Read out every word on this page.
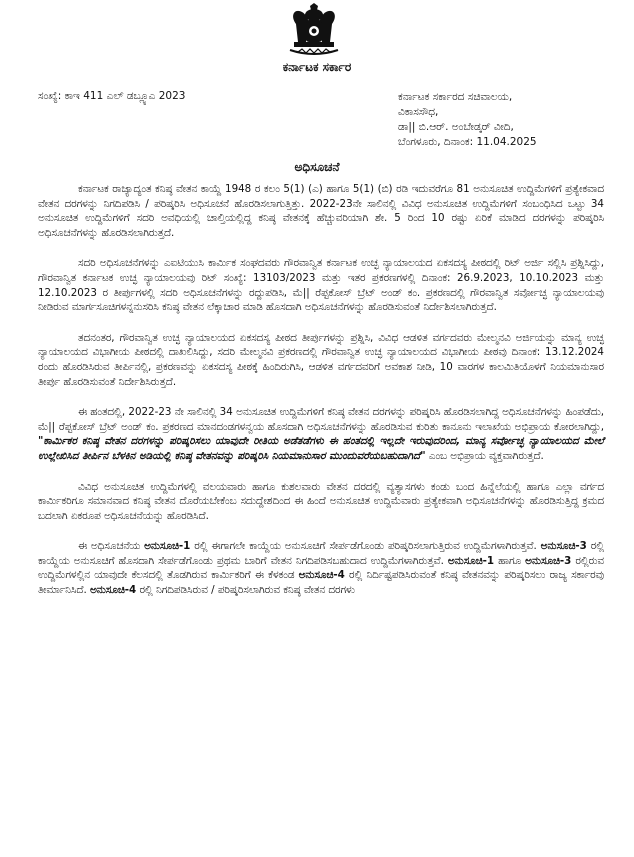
ಕರ್ನಾಟಕ ಸರ್ಕಾರ
ಸಂಖ್ಯೆ: ಕಾಇ 411 ಎಲ್ ಡಬ್ಲ್ಯೂಎ 2023	ಕರ್ನಾಟಕ ಸರ್ಕಾರದ ಸಚಿವಾಲಯ,
ವಿಕಾಸಸೌಧ,
ಡಾ|| ಬಿ.ಆರ್. ಅಂಬೇಡ್ಕರ್ ವೀದಿ,
ಬೆಂಗಳೂರು, ದಿನಾಂಕ: 11.04.2025
ಅಧಿಸೂಚನೆ

ಕರ್ನಾಟಕ ರಾಜ್ಯಾದ್ಯಂತ ಕನಿಷ್ಠ ವೇತನ ಕಾಯ್ದೆ 1948 ರ ಕಲಂ 5(1) (ಎ) ಹಾಗೂ 5(1) (ಬಿ) ರಡಿ ಇದುವರೆಗೂ 81 ಅನುಸೂಚಿತ ಉದ್ದಿಮೆಗಳಿಗೆ ಪ್ರತ್ಯೇಕವಾದ ವೇತನ ದರಗಳನ್ನು ನಿಗದಿಪಡಿಸಿ / ಪರಿಷ್ಕರಿಸಿ ಅಧಿಸೂಚನೆ ಹೊರಡಿಸಲಾಗುತ್ತಿತ್ತು. 2022-23ನೇ ಸಾಲಿನಲ್ಲಿ ವಿವಿಧ ಅನುಸೂಚಿತ ಉದ್ದಿಮೆಗಳಿಗೆ ಸಂಬಂಧಿಸಿದ ಒಟ್ಟು 34 ಅನುಸೂಚಿತ ಉದ್ದಿಮೆಗಳಿಗೆ ಸದರಿ ಅವಧಿಯಲ್ಲಿ ಚಾಲ್ತಿಯಲ್ಲಿದ್ದ ಕನಿಷ್ಠ ವೇತನಕ್ಕೆ ಹೆಚ್ಚುವರಿಯಾಗಿ ಶೇ. 5 ರಿಂದ 10 ರಷ್ಟು ಏರಿಕೆ ಮಾಡಿದ ದರಗಳನ್ನು ಪರಿಷ್ಕರಿಸಿ ಅಧಿಸೂಚನೆಗಳನ್ನು ಹೊರಡಿಸಲಾಗಿರುತ್ತದೆ.

ಸದರಿ ಅಧಿಸೂಚನೆಗಳನ್ನು ಎಐಟಿಯುಸಿ ಕಾರ್ಮಿಕ ಸಂಘದವರು ಗೌರವಾನ್ವಿತ ಕರ್ನಾಟಕ ಉಚ್ಛ ನ್ಯಾಯಾಲಯದ ಏಕಸದಸ್ಯ ಪೀಠದಲ್ಲಿ ರಿಟ್ ಅರ್ಜಿ ಸಲ್ಲಿಸಿ ಪ್ರಶ್ನಿಸಿದ್ದು, ಗೌರವಾನ್ವಿತ ಕರ್ನಾಟಕ ಉಚ್ಛ ನ್ಯಾಯಾಲಯವು ರಿಟ್ ಸಂಖ್ಯೆ: 13103/2023 ಮತ್ತು ಇತರ ಪ್ರಕರಣಗಳಲ್ಲಿ ದಿನಾಂಕ: 26.9.2023, 10.10.2023 ಮತ್ತು 12.10.2023 ರ ತೀರ್ಪುಗಳಲ್ಲಿ ಸದರಿ ಅಧಿಸೂಚನೆಗಳನ್ನು ರದ್ದುಪಡಿಸಿ, ಮೆ|| ರೆಪ್ಟಕೋಸ್ ಬ್ರೆಟ್ ಅಂಡ್ ಕಂ. ಪ್ರಕರಣದಲ್ಲಿ ಗೌರವಾನ್ವಿತ ಸರ್ವೋಚ್ಛ ನ್ಯಾಯಾಲಯವು ನೀಡಿರುವ ಮಾರ್ಗಸೂಚಿಗಳನ್ನನುಸರಿಸಿ ಕನಿಷ್ಠ ವೇತನ ಲೆಕ್ಕಾಚಾರ ಮಾಡಿ ಹೊಸದಾಗಿ ಅಧಿಸೂಚನೆಗಳನ್ನು ಹೊರಡಿಸುವಂತೆ ನಿರ್ದೇಶಿಸಲಾಗಿರುತ್ತದೆ.

ತದನಂತರ, ಗೌರವಾನ್ವಿತ ಉಚ್ಛ ನ್ಯಾಯಾಲಯದ ಏಕಸದಸ್ಯ ಪೀಠದ ತೀರ್ಪುಗಳನ್ನು ಪ್ರಶ್ನಿಸಿ, ವಿವಿಧ ಆಡಳಿತ ವರ್ಗದವರು ಮೇಲ್ಮನವಿ ಅರ್ಜಿಯನ್ನು ಮಾನ್ಯ ಉಚ್ಛ ನ್ಯಾಯಾಲಯದ ವಿಭಾಗೀಯ ಪೀಠದಲ್ಲಿ ದಾಖಲಿಸಿದ್ದು, ಸದರಿ ಮೇಲ್ಮನವಿ ಪ್ರಕರಣದಲ್ಲಿ ಗೌರವಾನ್ವಿತ ಉಚ್ಛ ನ್ಯಾಯಾಲಯದ ವಿಭಾಗೀಯ ಪೀಠವು ದಿನಾಂಕ: 13.12.2024 ರಂದು ಹೊರಡಿಸಿರುವ ತೀರ್ಪಿನಲ್ಲಿ, ಪ್ರಕರಣವನ್ನು ಏಕಸದಸ್ಯ ಪೀಠಕ್ಕೆ ಹಿಂದಿರುಗಿಸಿ, ಆಡಳಿತ ವರ್ಗದವರಿಗೆ ಅವಕಾಶ ನೀಡಿ, 10 ವಾರಗಳ ಕಾಲಮಿತಿಯೊಳಗೆ ನಿಯಮಾನುಸಾರ ತೀರ್ಪು ಹೊರಡಿಸುವಂತೆ ನಿರ್ದೇಶಿಸಿರುತ್ತದೆ.

ಈ ಹಂತದಲ್ಲಿ, 2022-23 ನೇ ಸಾಲಿನಲ್ಲಿ 34 ಅನುಸೂಚಿತ ಉದ್ದಿಮೆಗಳಿಗೆ ಕನಿಷ್ಠ ವೇತನ ದರಗಳನ್ನು ಪರಿಷ್ಕರಿಸಿ ಹೊರಡಿಸಲಾಗಿದ್ದ ಅಧಿಸೂಚನೆಗಳನ್ನು ಹಿಂಪಡೆದು, ಮೆ|| ರೆಪ್ಟಕೋಸ್ ಬ್ರೆಟ್ ಅಂಡ್ ಕಂ. ಪ್ರಕರಣದ ಮಾನದಂಡಗಳನ್ವಯ ಹೊಸದಾಗಿ ಅಧಿಸೂಚನೆಗಳನ್ನು ಹೊರಡಿಸುವ ಕುರಿತು ಕಾನೂನು ಇಲಾಖೆಯ ಅಭಿಪ್ರಾಯ ಕೋರಲಾಗಿದ್ದು, "ಕಾರ್ಮಿಕರ ಕನಿಷ್ಠ ವೇತನ ದರಗಳನ್ನು ಪರಿಷ್ಕರಿಸಲು ಯಾವುದೇ ರೀತಿಯ ಅಡೆತಡೆಗಳು ಈ ಹಂತದಲ್ಲಿ ಇಲ್ಲದೇ ಇರುವುದರಿಂದ, ಮಾನ್ಯ ಸರ್ವೋಚ್ಛ ನ್ಯಾಯಾಲಯದ ಮೇಲೆ ಉಲ್ಲೇಖಿಸಿದ ತೀರ್ಪಿನ ಬೆಳಕಿನ ಅಡಿಯಲ್ಲಿ ಕನಿಷ್ಠ ವೇತನವನ್ನು ಪರಿಷ್ಕರಿಸಿ ನಿಯಮಾನುಸಾರ ಮುಂದುವರೆಯಬಹುದಾಗಿದೆ" ಎಂಬ ಅಭಿಪ್ರಾಯ ವ್ಯಕ್ತವಾಗಿರುತ್ತದೆ.

ವಿವಿಧ ಅನುಸೂಚಿತ ಉದ್ದಿಮೆಗಳಲ್ಲಿ ವಲಯವಾರು ಹಾಗೂ ಕುಶಲವಾರು ವೇತನ ದರದಲ್ಲಿ ವ್ಯತ್ಯಾಸಗಳು ಕಂಡು ಬಂದ ಹಿನ್ನೆಲೆಯಲ್ಲಿ ಹಾಗೂ ಎಲ್ಲಾ ವರ್ಗದ ಕಾರ್ಮಿಕರಿಗೂ ಸಮಾನವಾದ ಕನಿಷ್ಠ ವೇತನ ದೊರೆಯಬೇಕೆಂಬ ಸದುದ್ದೇಶದಿಂದ ಈ ಹಿಂದೆ ಅನುಸೂಚಿತ ಉದ್ದಿಮೆವಾರು ಪ್ರತ್ಯೇಕವಾಗಿ ಅಧಿಸೂಚನೆಗಳನ್ನು ಹೊರಡಿಸುತ್ತಿದ್ದ ಕ್ರಮದ ಬದಲಾಗಿ ಏಕರೂಪ ಅಧಿಸೂಚನೆಯನ್ನು ಹೊರಡಿಸಿದೆ.

ಈ ಅಧಿಸೂಚನೆಯ ಅನುಸೂಚಿ-1 ರಲ್ಲಿ ಈಗಾಗಲೇ ಕಾಯ್ದೆಯ ಅನುಸೂಚಿಗೆ ಸೇರ್ಪಡೆಗೊಂಡು ಪರಿಷ್ಕರಿಸಲಾಗುತ್ತಿರುವ ಉದ್ದಿಮೆಗಳಾಗಿರುತ್ತವೆ. ಅನುಸೂಚಿ-3 ರಲ್ಲಿ ಕಾಯ್ದೆಯ ಅನುಸೂಚಿಗೆ ಹೊಸದಾಗಿ ಸೇರ್ಪಡೆಗೊಂಡು ಪ್ರಥಮ ಬಾರಿಗೆ ವೇತನ ನಿಗದಿಪಡಿಸಬಹುದಾದ ಉದ್ದಿಮೆಗಳಾಗಿರುತ್ತವೆ. ಅನುಸೂಚಿ-1 ಹಾಗೂ ಅನುಸೂಚಿ-3 ರಲ್ಲಿರುವ ಉದ್ದಿಮೆಗಳಲ್ಲಿನ ಯಾವುದೇ ಕೆಲಸದಲ್ಲಿ ತೊಡಗಿರುವ ಕಾರ್ಮಿಕರಿಗೆ ಈ ಕೆಳಕಂಡ ಅನುಸೂಚಿ-4 ರಲ್ಲಿ ನಿರ್ದಿಷ್ಟಪಡಿಸಿರುವಂತೆ ಕನಿಷ್ಠ ವೇತನವನ್ನು ಪರಿಷ್ಕರಿಸಲು ರಾಜ್ಯ ಸರ್ಕಾರವು ತೀರ್ಮಾನಿಸಿದೆ. ಅನುಸೂಚಿ-4 ರಲ್ಲಿ ನಿಗದಿಪಡಿಸಿರುವ / ಪರಿಷ್ಕರಿಸಲಾಗಿರುವ ಕನಿಷ್ಠ ವೇತನ ದರಗಳು
